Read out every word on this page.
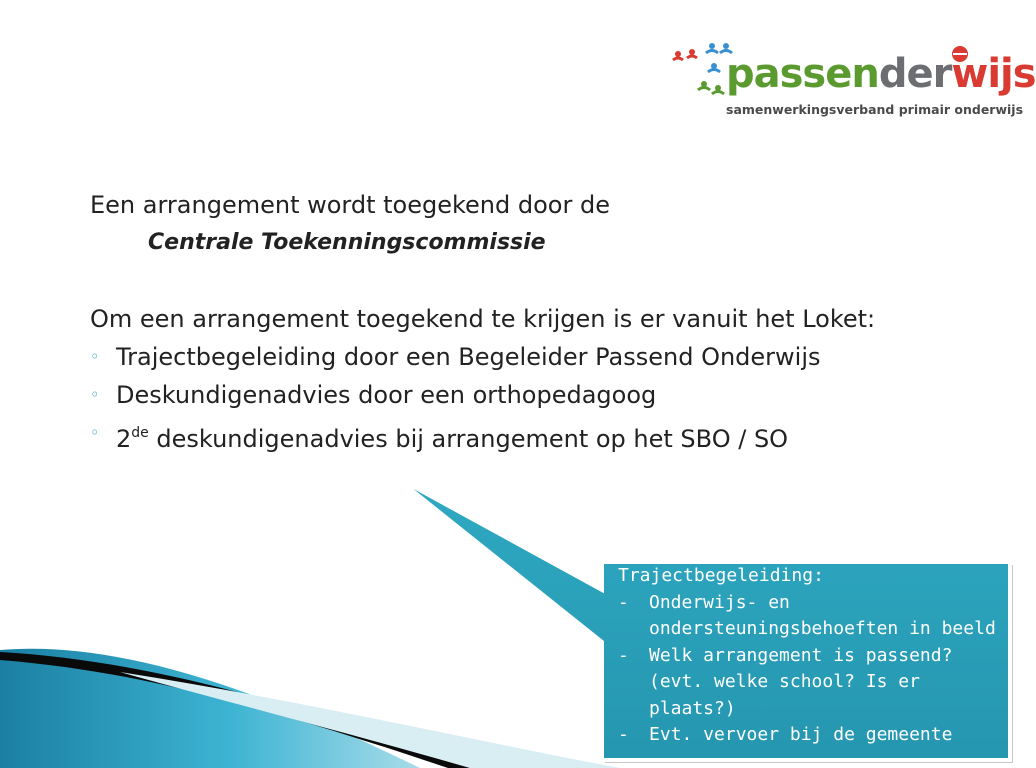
passenderwijs
samenwerkingsverband primair onderwijs
Een arrangement wordt toegekend door de
Centrale Toekenningscommissie
Om een arrangement toegekend te krijgen is er vanuit het Loket:
◦ Trajectbegeleiding door een Begeleider Passend Onderwijs
◦ Deskundigenadvies door een orthopedagoog
◦ 2de deskundigenadvies bij arrangement op het SBO / SO
Trajectbegeleiding:
- Onderwijs- en ondersteuningsbehoeften in beeld
- Welk arrangement is passend? (evt. welke school? Is er plaats?)
- Evt. vervoer bij de gemeente
